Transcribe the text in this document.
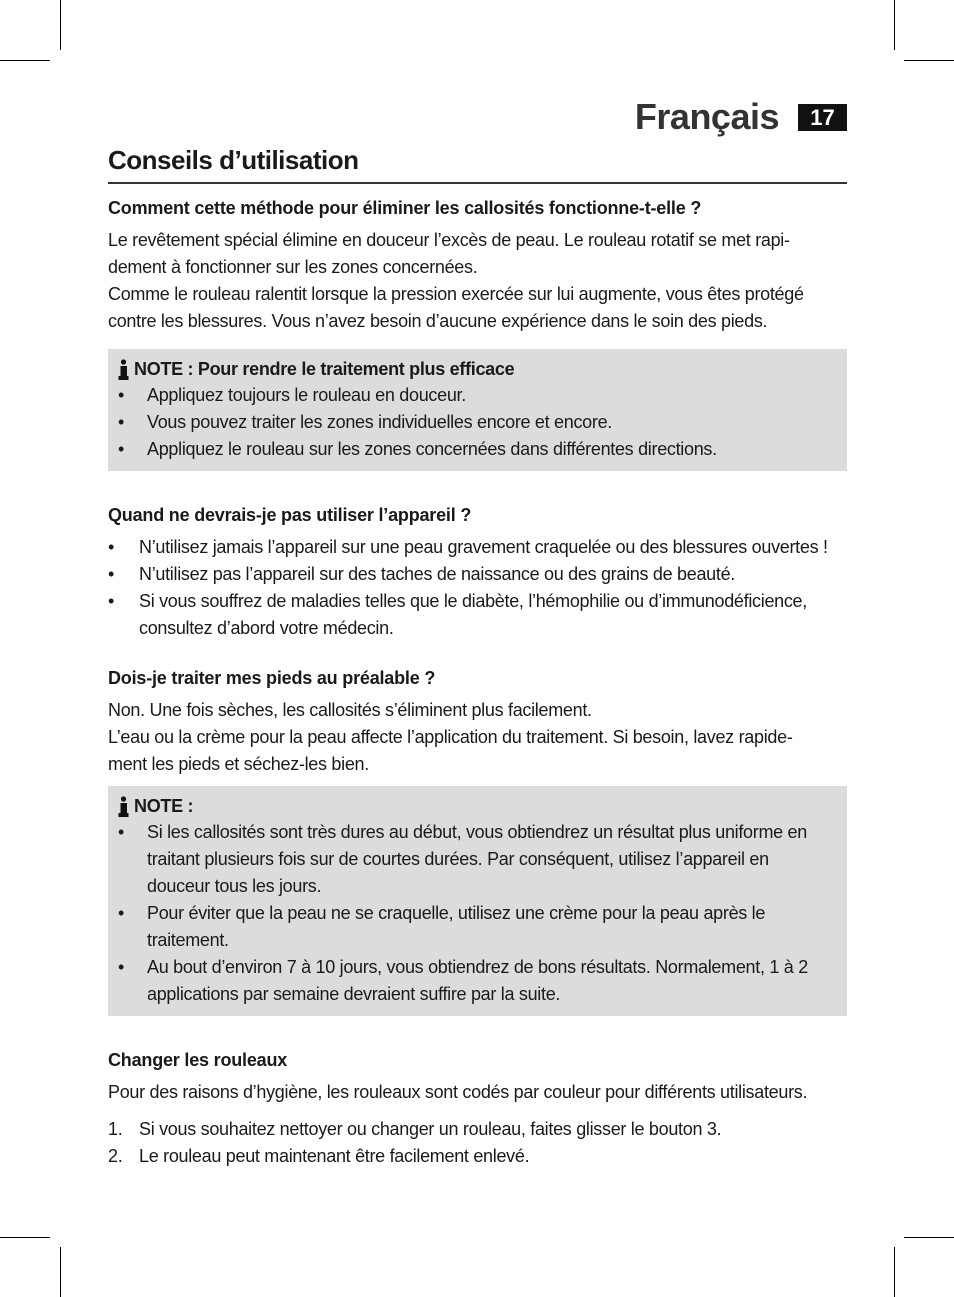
Français	17
Conseils d’utilisation
Comment cette méthode pour éliminer les callosités fonctionne-t-elle ?

Le revêtement spécial élimine en douceur l’excès de peau. Le rouleau rotatif se met rapi-

dement à fonctionner sur les zones concernées.

Comme le rouleau ralentit lorsque la pression exercée sur lui augmente, vous êtes protégé

contre les blessures. Vous n’avez besoin d’aucune expérience dans le soin des pieds.

NOTE : Pour rendre le traitement plus efficace
• Appliquez toujours le rouleau en douceur.
• Vous pouvez traiter les zones individuelles encore et encore.
• Appliquez le rouleau sur les zones concernées dans différentes directions.
Quand ne devrais-je pas utiliser l’appareil ?
• N’utilisez jamais l’appareil sur une peau gravement craquelée ou des blessures ouvertes !
• N’utilisez pas l’appareil sur des taches de naissance ou des grains de beauté.
• Si vous souffrez de maladies telles que le diabète, l’hémophilie ou d’immunodéficience, consultez d’abord votre médecin.
Dois-je traiter mes pieds au préalable ?

Non. Une fois sèches, les callosités s’éliminent plus facilement.

L’eau ou la crème pour la peau affecte l’application du traitement. Si besoin, lavez rapide-

ment les pieds et séchez-les bien.

NOTE :
• Si les callosités sont très dures au début, vous obtiendrez un résultat plus uniforme en traitant plusieurs fois sur de courtes durées. Par conséquent, utilisez l’appareil en douceur tous les jours.
• Pour éviter que la peau ne se craquelle, utilisez une crème pour la peau après le traitement.
• Au bout d’environ 7 à 10 jours, vous obtiendrez de bons résultats. Normalement, 1 à 2 applications par semaine devraient suffire par la suite.
Changer les rouleaux

Pour des raisons d’hygiène, les rouleaux sont codés par couleur pour différents utilisateurs.

1. Si vous souhaitez nettoyer ou changer un rouleau, faites glisser le bouton 3.
2. Le rouleau peut maintenant être facilement enlevé.
